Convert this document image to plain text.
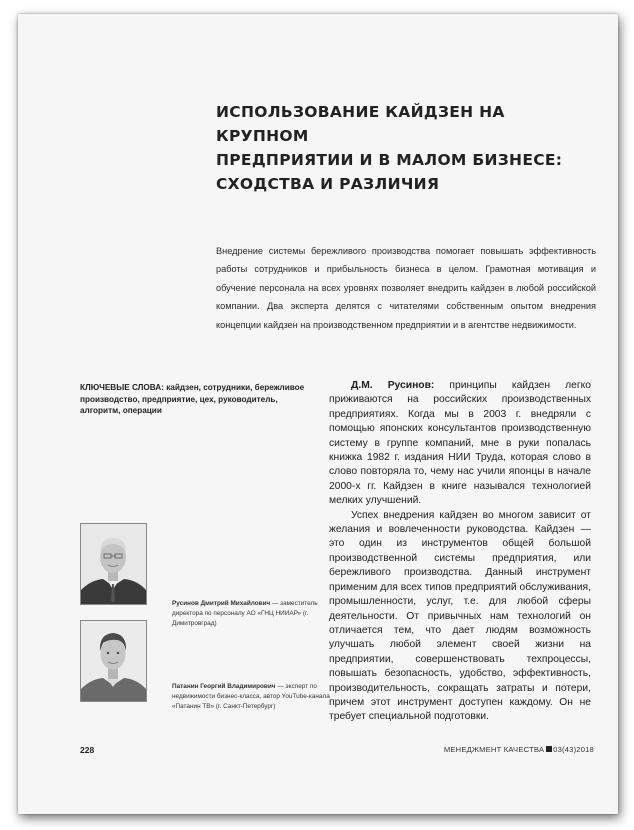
ИСПОЛЬЗОВАНИЕ КАЙДЗЕН НА КРУПНОМ
ПРЕДПРИЯТИИ И В МАЛОМ БИЗНЕСЕ:
СХОДСТВА И РАЗЛИЧИЯ

Внедрение системы бережливого производства помогает повышать эффективность работы сотрудников и прибыльность бизнеса в целом. Грамотная мотивация и обучение персонала на всех уровнях позволяет внедрить кайдзен в любой российской компании. Два эксперта делятся с читателями собственным опытом внедрения концепции кайдзен на производственном предприятии и в агентстве недвижимости.

КЛЮЧЕВЫЕ СЛОВА: кайдзен, сотрудники, бережливое производство, предприятие, цех, руководитель, алгоритм, операции
Русинов Дмитрий Михайлович — заместитель директора по персоналу АО «ГНЦ НИИАР» (г. Димитровград)
Патанин Георгий Владимирович — эксперт по недвижимости бизнес-класса, автор YouTube-канала «Патанин ТВ» (г. Санкт-Петербург)

Д.М. Русинов: принципы кайдзен легко приживаются на российских производственных предприятиях. Когда мы в 2003 г. внедряли с помощью японских консультантов производственную систему в группе компаний, мне в руки попалась книжка 1982 г. издания НИИ Труда, которая слово в слово повторяла то, чему нас учили японцы в начале 2000-х гг. Кайдзен в книге назывался технологией мелких улучшений.

Успех внедрения кайдзен во многом зависит от желания и вовлеченности руководства. Кайдзен — это один из инструментов общей большой производственной системы предприятия, или бережливого производства. Данный инструмент применим для всех типов предприятий обслуживания, промышленности, услуг, т.е. для любой сферы деятельности. От привычных нам технологий он отличается тем, что дает людям возможность улучшать любой элемент своей жизни на предприятии, совершенствовать техпроцессы, повышать безопасность, удобство, эффективность, производительность, сокращать затраты и потери, причем этот инструмент доступен каждому. Он не требует специальной подготовки.

228	МЕНЕДЖМЕНТ КАЧЕСТВА 03(43)2018
